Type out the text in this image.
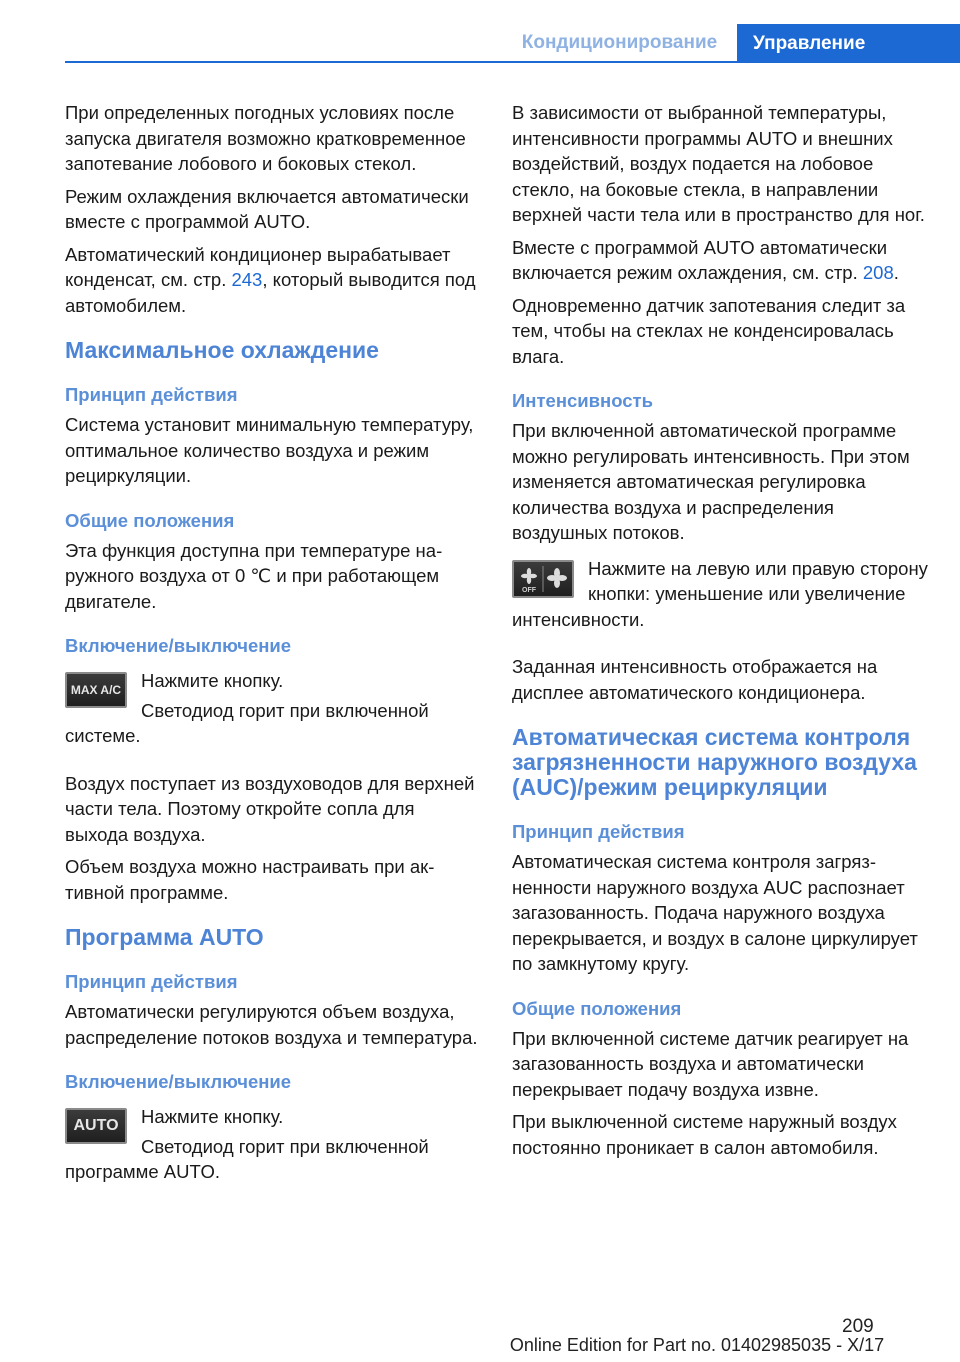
Кондиционирование	Управление

При определенных погодных условиях после запуска двигателя возможно кратковременное запотевание лобового и боковых стекол.

Режим охлаждения включается автоматически вместе с программой AUTO.

Автоматический кондиционер вырабатывает конденсат, см. стр. 243, который выводится под автомобилем.

Максимальное охлаждение
Принцип действия

Система установит минимальную температуру, оптимальное количество воздуха и режим рециркуляции.

Общие положения

Эта функция доступна при температуре наружного воздуха от 0 ℃ и при работающем двигателе.

Включение/выключение
MAX A/C	Нажмите кнопку.

Светодиод горит при включенной системе.

Воздух поступает из воздуховодов для верхней части тела. Поэтому откройте сопла для выхода воздуха.

Объем воздуха можно настраивать при активной программе.

Программа AUTO
Принцип действия

Автоматически регулируются объем воздуха, распределение потоков воздуха и температура.

Включение/выключение
AUTO	Нажмите кнопку.

Светодиод горит при включенной программе AUTO.

В зависимости от выбранной температуры, интенсивности программы AUTO и внешних воздействий, воздух подается на лобовое стекло, на боковые стекла, в направлении верхней части тела или в пространство для ног.

Вместе с программой AUTO автоматически включается режим охлаждения, см. стр. 208.

Одновременно датчик запотевания следит за тем, чтобы на стеклах не конденсировалась влага.

Интенсивность

При включенной автоматической программе можно регулировать интенсивность. При этом изменяется автоматическая регулировка количества воздуха и распределения воздушных потоков.

OFF

Нажмите на левую или правую сторону кнопки: уменьшение или увеличение интенсивности.

Заданная интенсивность отображается на дисплее автоматического кондиционера.

Автоматическая система контроля загрязненности наружного воздуха (AUC)/режим рециркуляции
Принцип действия

Автоматическая система контроля загрязненности наружного воздуха AUC распознает загазованность. Подача наружного воздуха перекрывается, и воздух в салоне циркулирует по замкнутому кругу.

Общие положения

При включенной системе датчик реагирует на загазованность воздуха и автоматически перекрывает подачу воздуха извне.

При выключенной системе наружный воздух постоянно проникает в салон автомобиля.

209
Online Edition for Part no. 01402985035 - X/17
